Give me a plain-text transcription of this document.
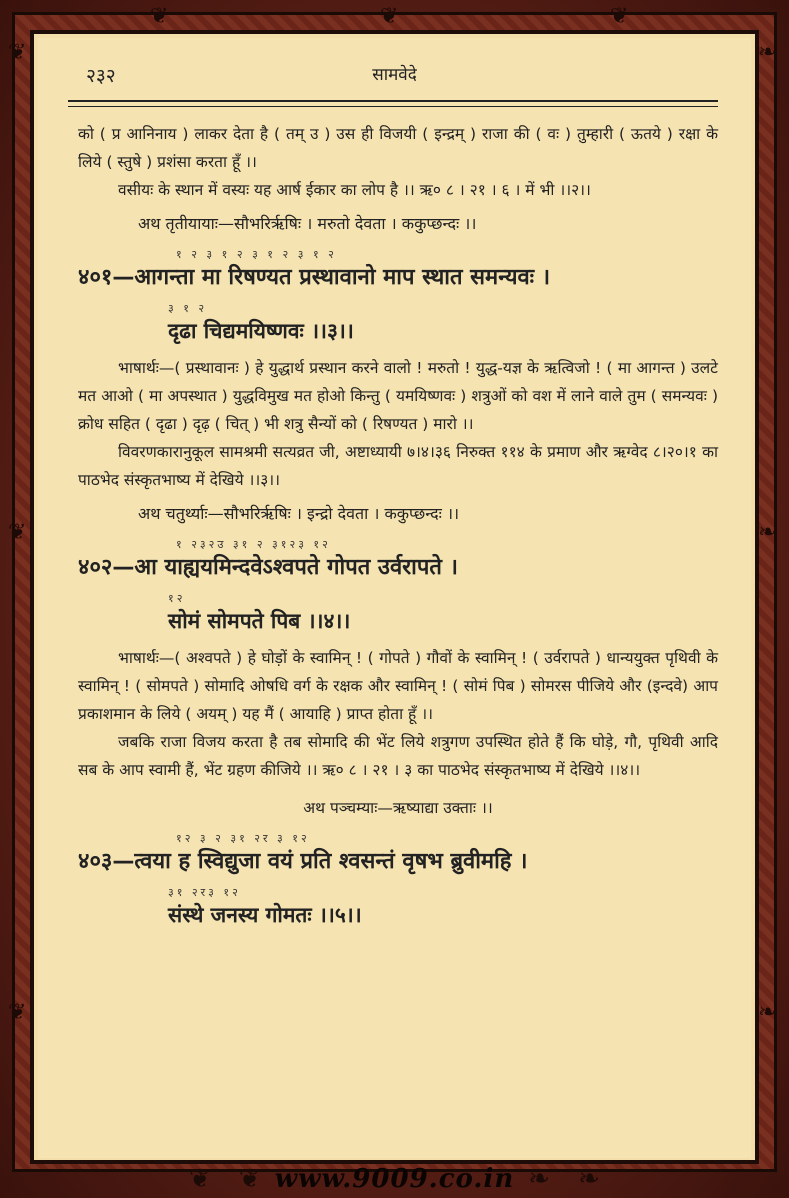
❦
❦
❦
❧
❧
❧
❦	❦	❦
२३२	सामवेदे

को ( प्र आनिनाय ) लाकर देता है ( तम् उ ) उस ही विजयी ( इन्द्रम् ) राजा की ( वः ) तुम्हारी ( ऊतये ) रक्षा के लिये ( स्तुषे ) प्रशंसा करता हूँ ।।

वसीयः के स्थान में वस्यः यह आर्ष ईकार का लोप है ।। ऋ० ८ । २१ । ६ । में भी ।।२।।

अथ तृतीयायाः—सौभरिर्ऋषिः । मरुतो देवता । ककुप्छन्दः ।।

१ २ ३ १ २ ३ १ २ ३ १ २

४०१—आगन्ता मा रिषण्यत प्रस्थावानो माप स्थात समन्यवः ।

३ १ २

दृढा चिद्यमयिष्णवः ।।३।।

भाषार्थः—( प्रस्थावानः ) हे युद्धार्थ प्रस्थान करने वालो ! मरुतो ! युद्ध-यज्ञ के ऋत्विजो ! ( मा आगन्त ) उलटे मत आओ ( मा अपस्थात ) युद्धविमुख मत होओ किन्तु ( यमयिष्णवः ) शत्रुओं को वश में लाने वाले तुम ( समन्यवः ) क्रोध सहित ( दृढा ) दृढ़ ( चित् ) भी शत्रु सैन्यों को ( रिषण्यत ) मारो ।।

विवरणकारानुकूल सामश्रमी सत्यव्रत जी, अष्टाध्यायी ७।४।३६ निरुक्त ११४ के प्रमाण और ऋग्वेद ८।२०।१ का पाठभेद संस्कृतभाष्य में देखिये ।।३।।

अथ चतुर्थ्याः—सौभरिर्ऋषिः । इन्द्रो देवता । ककुप्छन्दः ।।

१ २३२उ ३१ २ ३१२३ १२

४०२—आ याह्ययमिन्दवेऽश्वपते गोपत उर्वरापते ।

१२

सोमं सोमपते पिब ।।४।।

भाषार्थः—( अश्वपते ) हे घोड़ों के स्वामिन् ! ( गोपते ) गौवों के स्वामिन् ! ( उर्वरापते ) धान्ययुक्त पृथिवी के स्वामिन् ! ( सोमपते ) सोमादि ओषधि वर्ग के रक्षक और स्वामिन् ! ( सोमं पिब ) सोमरस पीजिये और (इन्दवे) आप प्रकाशमान के लिये ( अयम् ) यह मैं ( आयाहि ) प्राप्त होता हूँ ।।

जबकि राजा विजय करता है तब सोमादि की भेंट लिये शत्रुगण उपस्थित होते हैं कि घोड़े, गौ, पृथिवी आदि सब के आप स्वामी हैं, भेंट ग्रहण कीजिये ।। ऋ० ८ । २१ । ३ का पाठभेद संस्कृतभाष्य में देखिये ।।४।।

अथ पञ्चम्याः—ऋष्याद्या उक्ताः ।।

१२ ३ २ ३१ २र ३ १२

४०३—त्वया ह स्विद्युजा वयं प्रति श्वसन्तं वृषभ ब्रुवीमहि ।

३१ २र३ १२

संस्थे जनस्य गोमतः ।।५।।

❦ ❦ www.9009.co.in ❧ ❧
